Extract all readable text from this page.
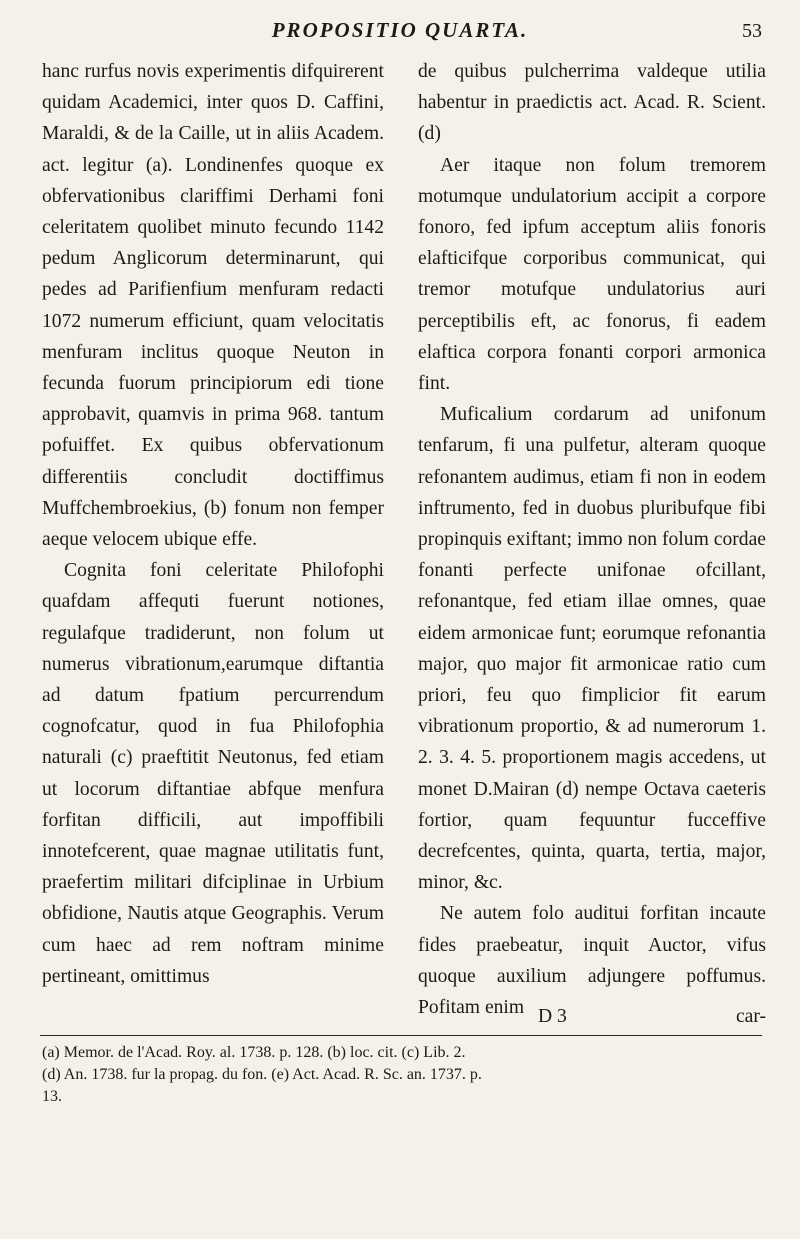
PROPOSITIO QUARTA.	53

hanc rurfus novis experimentis difquirerent quidam Academici, inter quos D. Caffini, Maraldi, & de la Caille, ut in aliis Academ. act. legitur (a). Londinenfes quoque ex obfervationibus clariffimi Derhami foni celeritatem quolibet minuto fecundo 1142 pedum Anglicorum determinarunt, qui pedes ad Parifienfium menfuram redacti 1072 numerum efficiunt, quam velocitatis menfuram inclitus quoque Neuton in fecunda fuorum principiorum edi tione approbavit, quamvis in prima 968. tantum pofuiffet. Ex quibus obfervationum differentiis concludit doctiffimus Muffchembroekius, (b) fonum non femper aeque velocem ubique effe.

Cognita foni celeritate Philofophi quafdam affequti fuerunt notiones, regulafque tradiderunt, non folum ut numerus vibrationum,earumque diftantia ad datum fpatium percurrendum cognofcatur, quod in fua Philofophia naturali (c) praeftitit Neutonus, fed etiam ut locorum diftantiae abfque menfura forfitan difficili, aut impoffibili innotefcerent, quae magnae utilitatis funt, praefertim militari difciplinae in Urbium obfidione, Nautis atque Geographis. Verum cum haec ad rem noftram minime pertineant, omittimus

de quibus pulcherrima valdeque utilia habentur in praedictis act. Acad. R. Scient. (d)

Aer itaque non folum tremorem motumque undulatorium accipit a corpore fonoro, fed ipfum acceptum aliis fonoris elafticifque corporibus communicat, qui tremor motufque undulatorius auri perceptibilis eft, ac fonorus, fi eadem elaftica corpora fonanti corpori armonica fint.

Muficalium cordarum ad unifonum tenfarum, fi una pulfetur, alteram quoque refonantem audimus, etiam fi non in eodem inftrumento, fed in duobus pluribufque fibi propinquis exiftant; immo non folum cordae fonanti perfecte unifonae ofcillant, refonantque, fed etiam illae omnes, quae eidem armonicae funt; eorumque refonantia major, quo major fit armonicae ratio cum priori, feu quo fimplicior fit earum vibrationum proportio, & ad numerorum 1. 2. 3. 4. 5. proportionem magis accedens, ut monet D.Mairan (d) nempe Octava caeteris fortior, quam fequuntur fucceffive decrefcentes, quinta, quarta, tertia, major, minor, &c.

Ne autem folo auditui forfitan incaute fides praebeatur, inquit Auctor, vifus quoque auxilium adjungere poffumus. Pofitam enim D 3	car-

(a) Memor. de l'Acad. Roy. al. 1738. p. 128. (b) loc. cit. (c) Lib. 2.

(d) An. 1738. fur la propag. du fon. (e) Act. Acad. R. Sc. an. 1737. p.

13.
